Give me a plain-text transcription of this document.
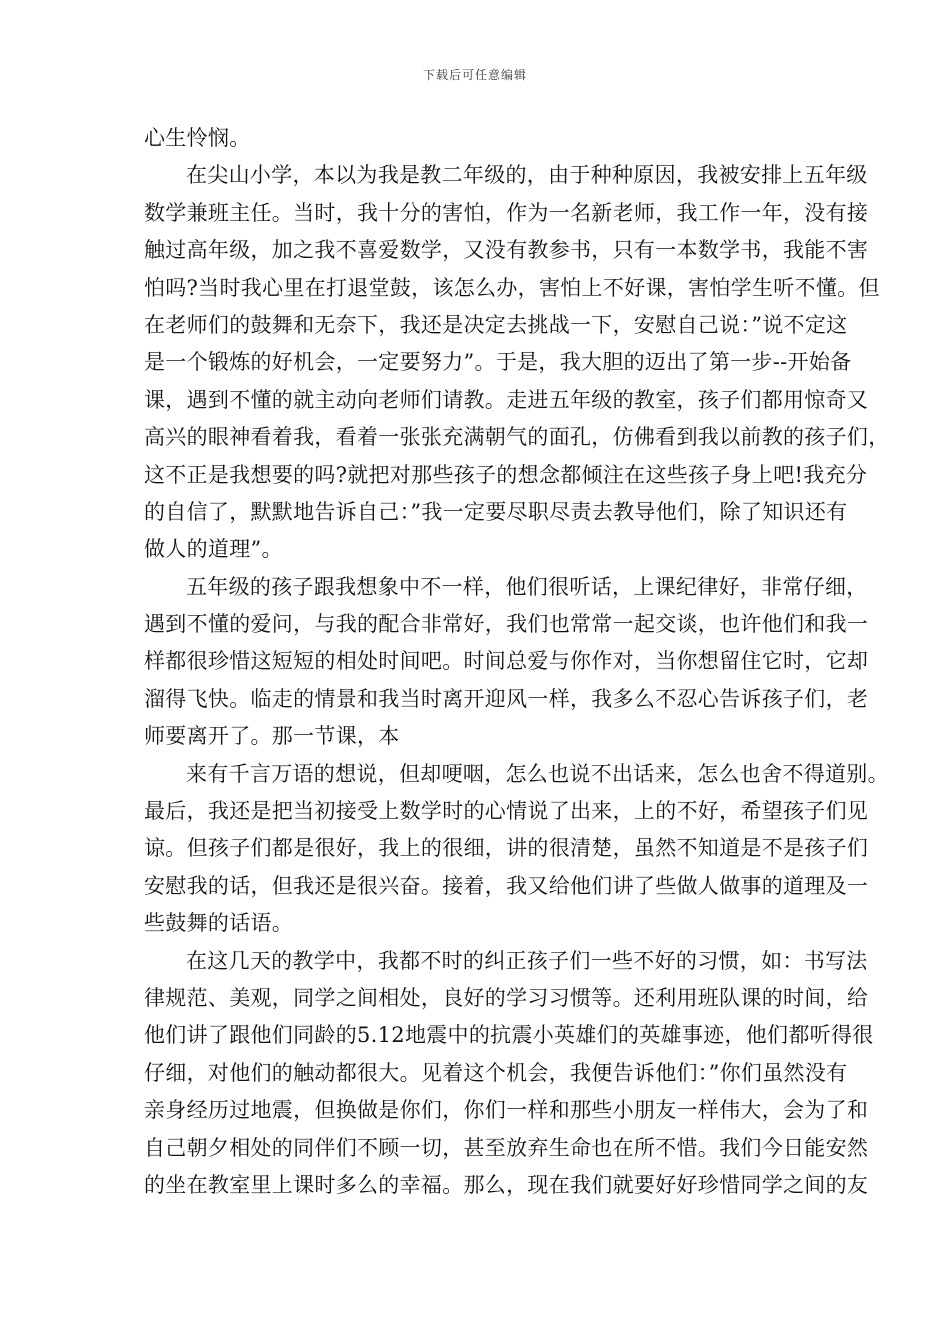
下载后可任意编辑
心生怜悯。
在尖山小学，本以为我是教二年级的，由于种种原因，我被安排上五年级
数学兼班主任。当时，我十分的害怕，作为一名新老师，我工作一年，没有接
触过高年级，加之我不喜爱数学，又没有教参书，只有一本数学书，我能不害
怕吗?当时我心里在打退堂鼓，该怎么办，害怕上不好课，害怕学生听不懂。但
在老师们的鼓舞和无奈下，我还是决定去挑战一下，安慰自己说：”说不定这
是一个锻炼的好机会，一定要努力”。于是，我大胆的迈出了第一步--开始备
课，遇到不懂的就主动向老师们请教。走进五年级的教室，孩子们都用惊奇又
高兴的眼神看着我，看着一张张充满朝气的面孔，仿佛看到我以前教的孩子们，
这不正是我想要的吗?就把对那些孩子的想念都倾注在这些孩子身上吧!我充分
的自信了，默默地告诉自己：”我一定要尽职尽责去教导他们，除了知识还有
做人的道理”。
五年级的孩子跟我想象中不一样，他们很听话，上课纪律好，非常仔细，
遇到不懂的爱问，与我的配合非常好，我们也常常一起交谈，也许他们和我一
样都很珍惜这短短的相处时间吧。时间总爱与你作对，当你想留住它时，它却
溜得飞快。临走的情景和我当时离开迎风一样，我多么不忍心告诉孩子们，老
师要离开了。那一节课，本
来有千言万语的想说，但却哽咽，怎么也说不出话来，怎么也舍不得道别。
最后，我还是把当初接受上数学时的心情说了出来，上的不好，希望孩子们见
谅。但孩子们都是很好，我上的很细，讲的很清楚，虽然不知道是不是孩子们
安慰我的话，但我还是很兴奋。接着，我又给他们讲了些做人做事的道理及一
些鼓舞的话语。
在这几天的教学中，我都不时的纠正孩子们一些不好的习惯，如：书写法
律规范、美观，同学之间相处，良好的学习习惯等。还利用班队课的时间，给
他们讲了跟他们同龄的5.12地震中的抗震小英雄们的英雄事迹，他们都听得很
仔细，对他们的触动都很大。见着这个机会，我便告诉他们：”你们虽然没有
亲身经历过地震，但换做是你们，你们一样和那些小朋友一样伟大，会为了和
自己朝夕相处的同伴们不顾一切，甚至放弃生命也在所不惜。我们今日能安然
的坐在教室里上课时多么的幸福。那么，现在我们就要好好珍惜同学之间的友
